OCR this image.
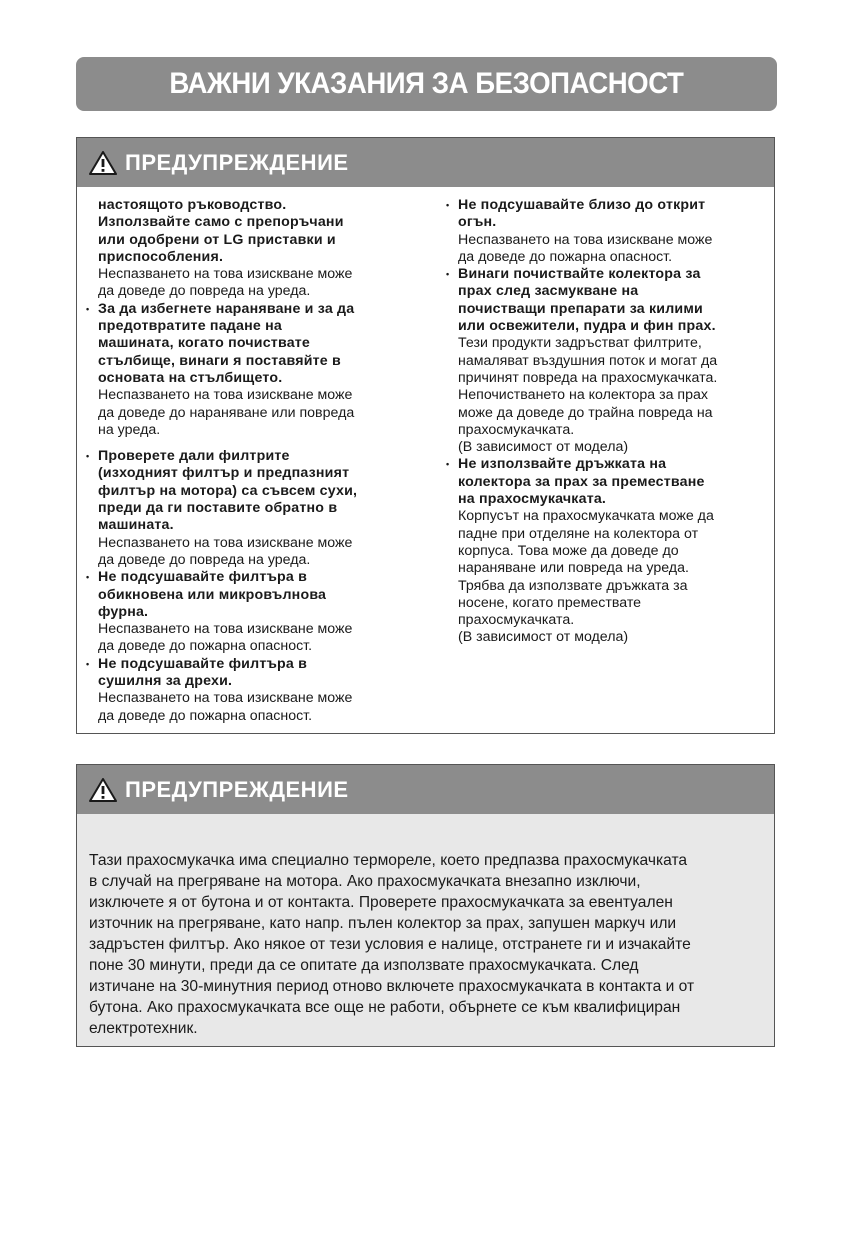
ВАЖНИ УКАЗАНИЯ ЗА БЕЗОПАСНОСТ
ПРЕДУПРЕЖДЕНИЕ
настоящото ръководство.
Използвайте само с препоръчани
или одобрени от LG приставки и
приспособления.
Неспазването на това изискване може
да доведе до повреда на уреда.
• За да избегнете нараняване и за да
предотвратите падане на
машината, когато почиствате
стълбище, винаги я поставяйте в
основата на стълбището.
Неспазването на това изискване може
да доведе до нараняване или повреда
на уреда.
• Проверете дали филтрите
(изходният филтър и предпазният
филтър на мотора) са съвсем сухи,
преди да ги поставите обратно в
машината.
Неспазването на това изискване може
да доведе до повреда на уреда.
• Не подсушавайте филтъра в
обикновена или микровълнова
фурна.
Неспазването на това изискване може
да доведе до пожарна опасност.
• Не подсушавайте филтъра в
сушилня за дрехи.
Неспазването на това изискване може
да доведе до пожарна опасност.
• Не подсушавайте близо до открит
огън.
Неспазването на това изискване може
да доведе до пожарна опасност.
• Винаги почиствайте колектора за
прах след засмукване на
почистващи препарати за килими
или освежители, пудра и фин прах.
Тези продукти задръстват филтрите,
намаляват въздушния поток и могат да
причинят повреда на прахосмукачката.
Непочистването на колектора за прах
може да доведе до трайна повреда на
прахосмукачката.
(В зависимост от модела)
• Не използвайте дръжката на
колектора за прах за преместване
на прахосмукачката.
Корпусът на прахосмукачката може да
падне при отделяне на колектора от
корпуса. Това може да доведе до
нараняване или повреда на уреда.
Трябва да използвате дръжката за
носене, когато премествате
прахосмукачката.
(В зависимост от модела)
ПРЕДУПРЕЖДЕНИЕ
Тази прахосмукачка има специално термореле, което предпазва прахосмукачката
в случай на прегряване на мотора. Ако прахосмукачката внезапно изключи,
изключете я от бутона и от контакта. Проверете прахосмукачката за евентуален
източник на прегряване, като напр. пълен колектор за прах, запушен маркуч или
задръстен филтър. Ако някое от тези условия е налице, отстранете ги и изчакайте
поне 30 минути, преди да се опитате да използвате прахосмукачката. След
изтичане на 30-минутния период отново включете прахосмукачката в контакта и от
бутона. Ако прахосмукачката все още не работи, обърнете се към квалифициран
електротехник.
